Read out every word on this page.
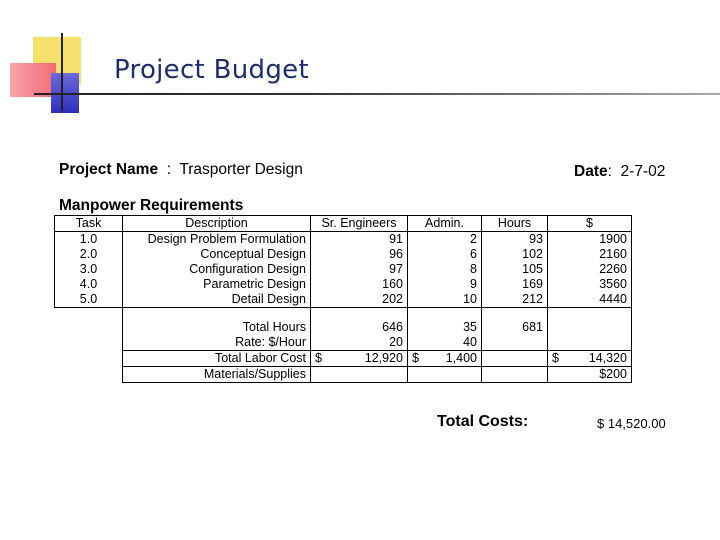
Project Budget
Project Name : Trasporter Design	Date:  2-7-02
Manpower Requirements
Task	Description	Sr. Engineers	Admin.	Hours	$
1.0	Design Problem Formulation	91	2	93	1900
2.0	Conceptual Design	96	6	102	2160
3.0	Configuration Design	97	8	105	2260
4.0	Parametric Design	160	9	169	3560
5.0	Detail Design	202	10	212	4440

	Total Hours	646	35	681	
	Rate: $/Hour	20	40		
	Total Labor Cost	$ 12,920	$ 1,400		$ 14,320
	Materials/Supplies				$200
Total Costs:	$ 14,520.00
